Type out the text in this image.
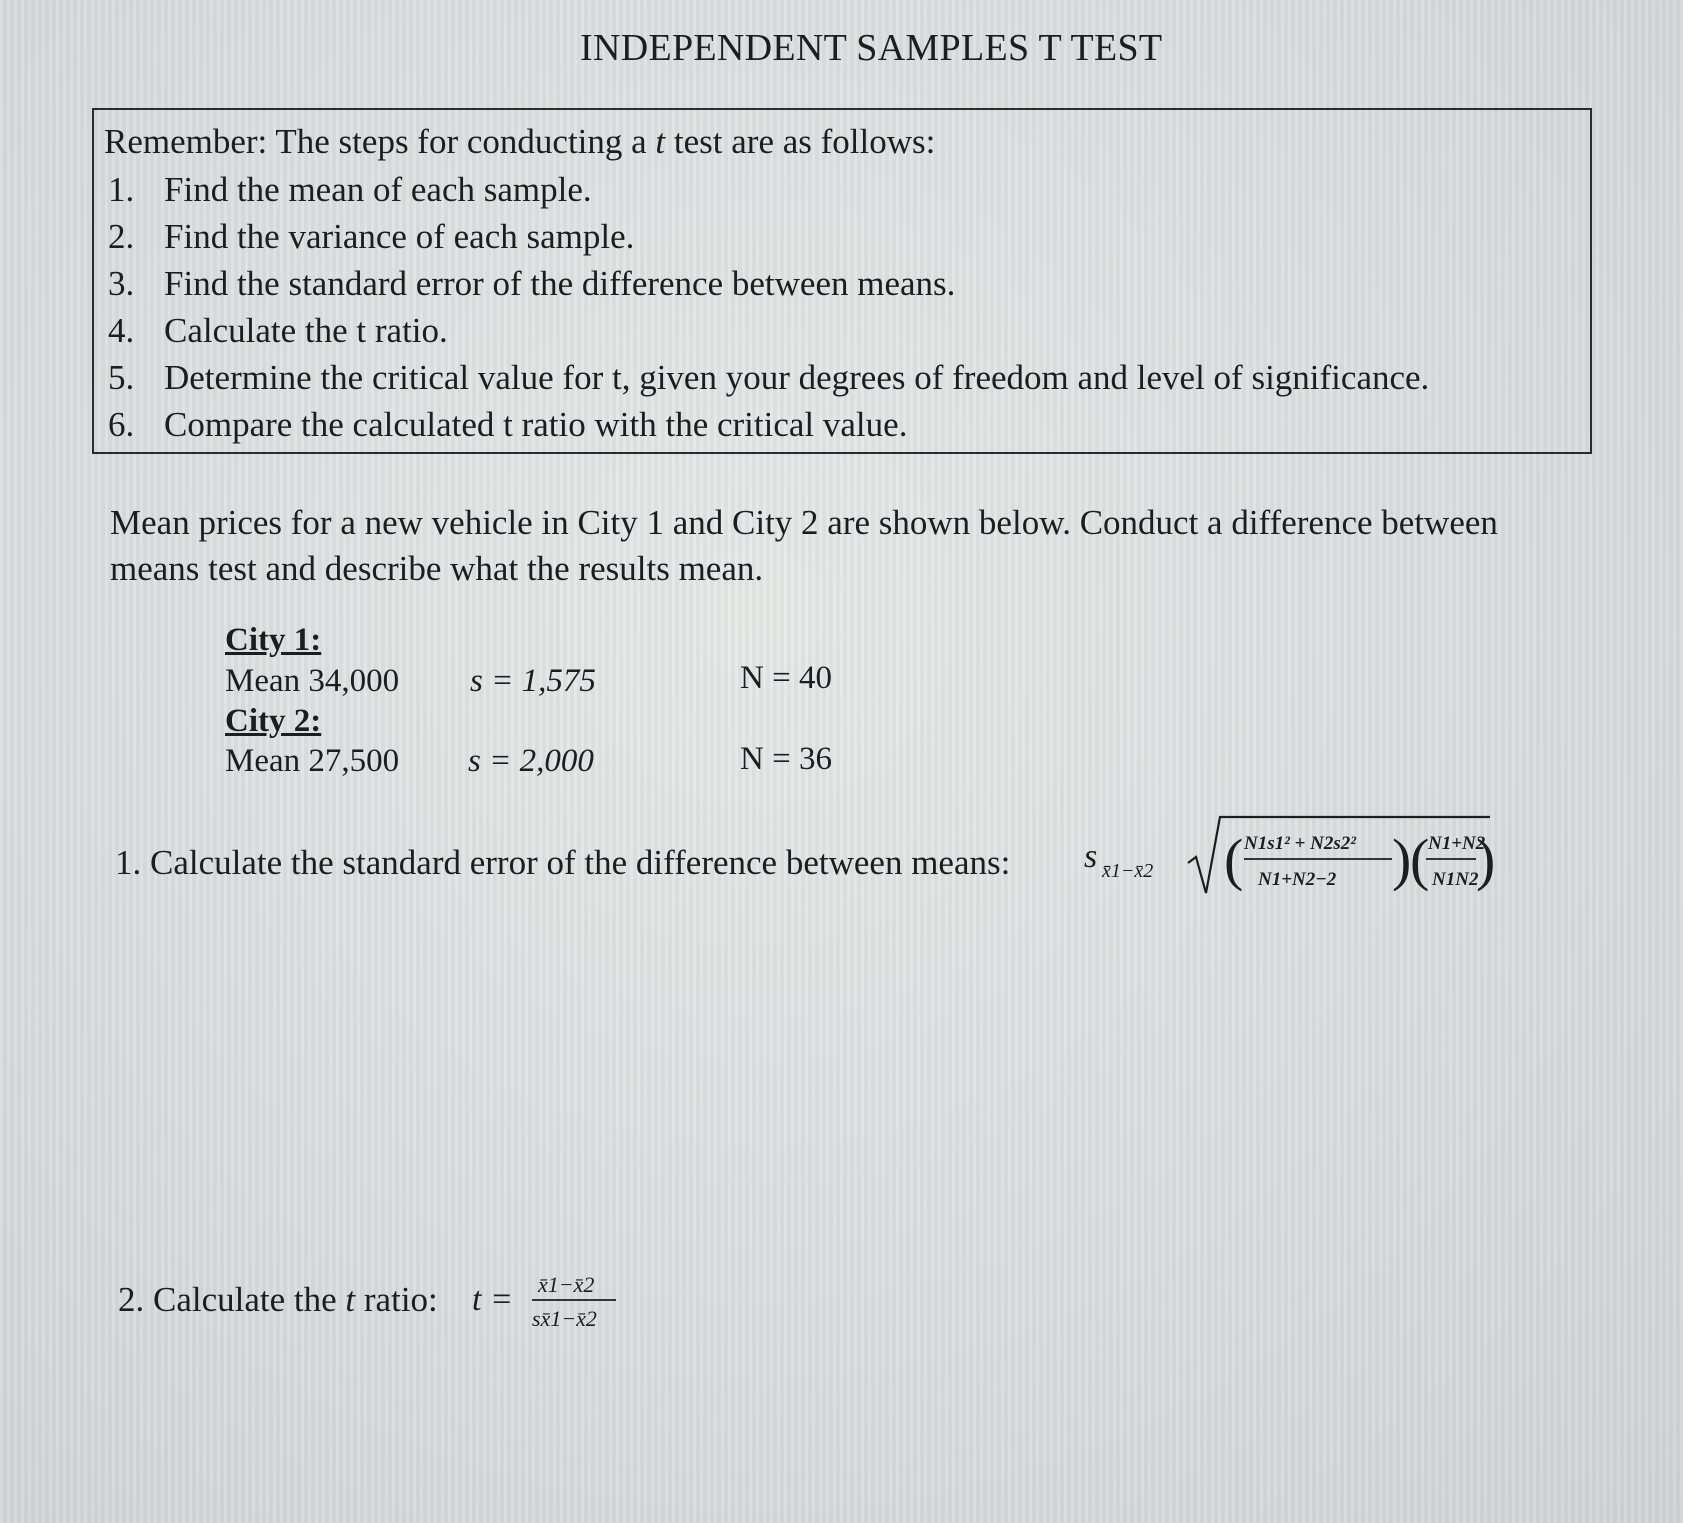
INDEPENDENT SAMPLES T TEST
Remember: The steps for conducting a t test are as follows:
1. Find the mean of each sample.
2. Find the variance of each sample.
3. Find the standard error of the difference between means.
4. Calculate the t ratio.
5. Determine the critical value for t, given your degrees of freedom and level of significance.
6. Compare the calculated t ratio with the critical value.
Mean prices for a new vehicle in City 1 and City 2 are shown below. Conduct a difference between means test and describe what the results mean.
City 1:
Mean 34,000 s = 1,575	N = 40
City 2:
Mean 27,500 s = 2,000	N = 36
1. Calculate the standard error of the difference between means: s x̄1−x̄2 ( N1s1² + N2s2²
N1+N2−2 )
(
N1+N2
N1N2
)
2. Calculate the t ratio: t = x̄1−x̄2
sx̄1−x̄2
